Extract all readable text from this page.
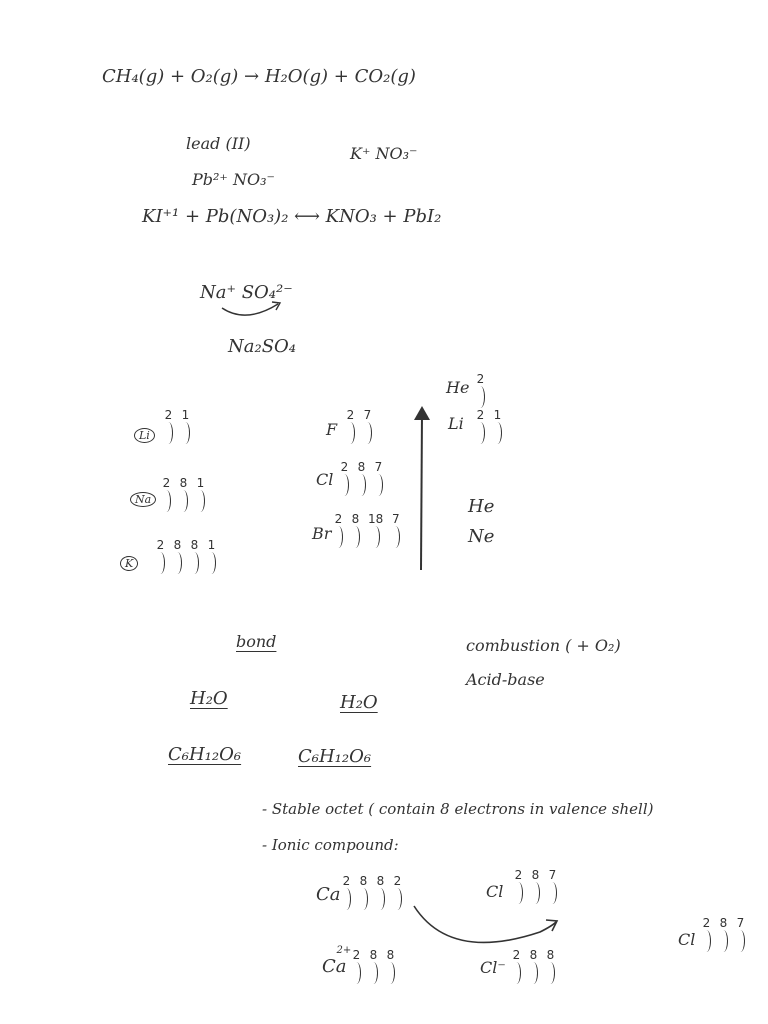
CH₄(g) + O₂(g) → H₂O(g) + CO₂(g)
lead (II)
K⁺ NO₃⁻
Pb²⁺ NO₃⁻
KI⁺¹ + Pb(NO₃)₂ ⟷ KNO₃ + PbI₂
Na⁺ SO₄²⁻
Na₂SO₄
Li
2 1
Na
2 8 1
K
2 8 8 1
F
2 7
Cl
2 8 7
Br
2 8 18 7
He 2
Li 2 1
He
Ne
combustion ( + O₂)
Acid-base
bond
H₂O	H₂O
C₆H₁₂O₆	C₆H₁₂O₆
- Stable octet ( contain 8 electrons in valence shell)
- Ionic compound:
Ca
2 8 8 2
Cl
2 8 7
Cl
2 8 7
$Ca^{2+}$ 2 8 8
Cl⁻
2 8 8
